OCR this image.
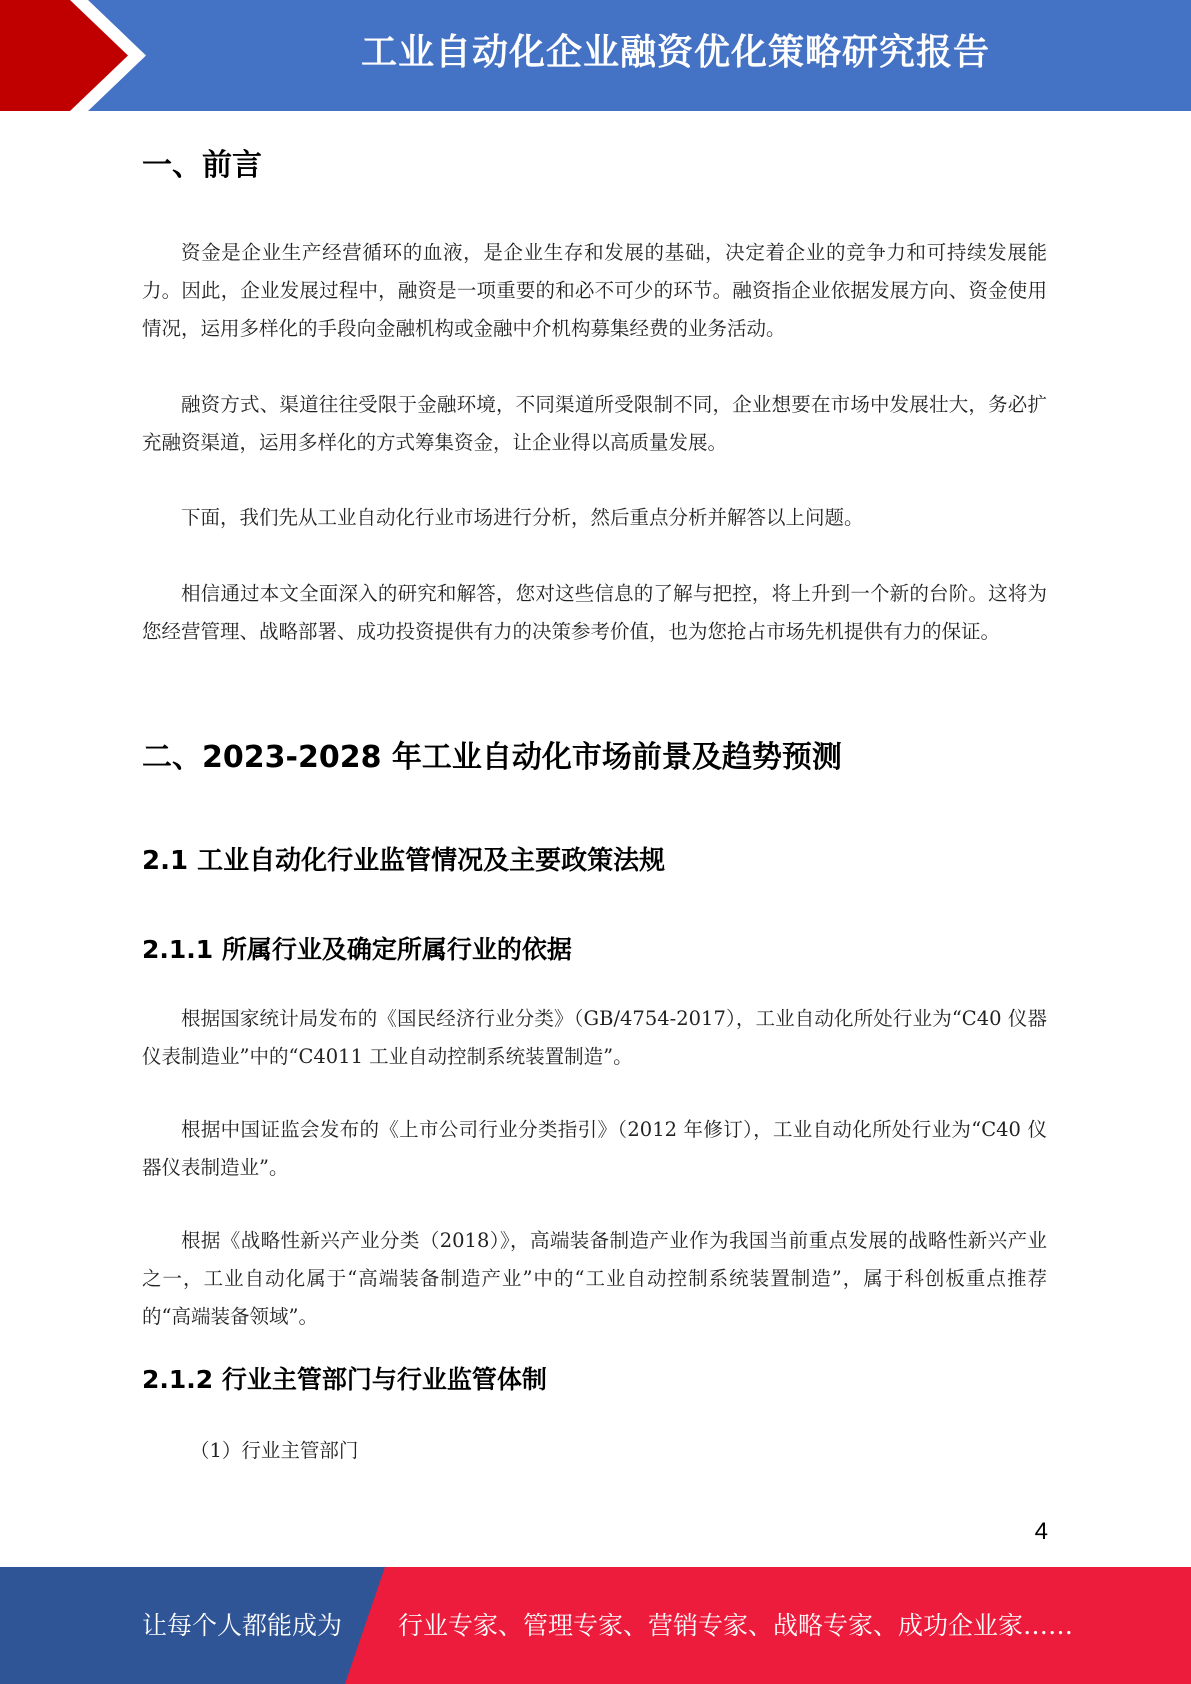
工业自动化企业融资优化策略研究报告
一、前言

资金是企业生产经营循环的血液，是企业生存和发展的基础，决定着企业的竞争力和可持续发展能力。因此，企业发展过程中，融资是一项重要的和必不可少的环节。融资指企业依据发展方向、资金使用情况，运用多样化的手段向金融机构或金融中介机构募集经费的业务活动。

融资方式、渠道往往受限于金融环境，不同渠道所受限制不同，企业想要在市场中发展壮大，务必扩充融资渠道，运用多样化的方式筹集资金，让企业得以高质量发展。

下面，我们先从工业自动化行业市场进行分析，然后重点分析并解答以上问题。

相信通过本文全面深入的研究和解答，您对这些信息的了解与把控，将上升到一个新的台阶。这将为您经营管理、战略部署、成功投资提供有力的决策参考价值，也为您抢占市场先机提供有力的保证。

二、2023-2028 年工业自动化市场前景及趋势预测
2.1 工业自动化行业监管情况及主要政策法规
2.1.1 所属行业及确定所属行业的依据

根据国家统计局发布的《国民经济行业分类》（GB/4754-2017），工业自动化所处行业为“C40 仪器仪表制造业”中的“C4011 工业自动控制系统装置制造”。

根据中国证监会发布的《上市公司行业分类指引》（2012 年修订），工业自动化所处行业为“C40 仪器仪表制造业”。

根据《战略性新兴产业分类（2018）》，高端装备制造产业作为我国当前重点发展的战略性新兴产业之一，工业自动化属于“高端装备制造产业”中的“工业自动控制系统装置制造”，属于科创板重点推荐的“高端装备领域”。

2.1.2 行业主管部门与行业监管体制

（1）行业主管部门

4
让每个人都能成为 行业专家、管理专家、营销专家、战略专家、成功企业家……
